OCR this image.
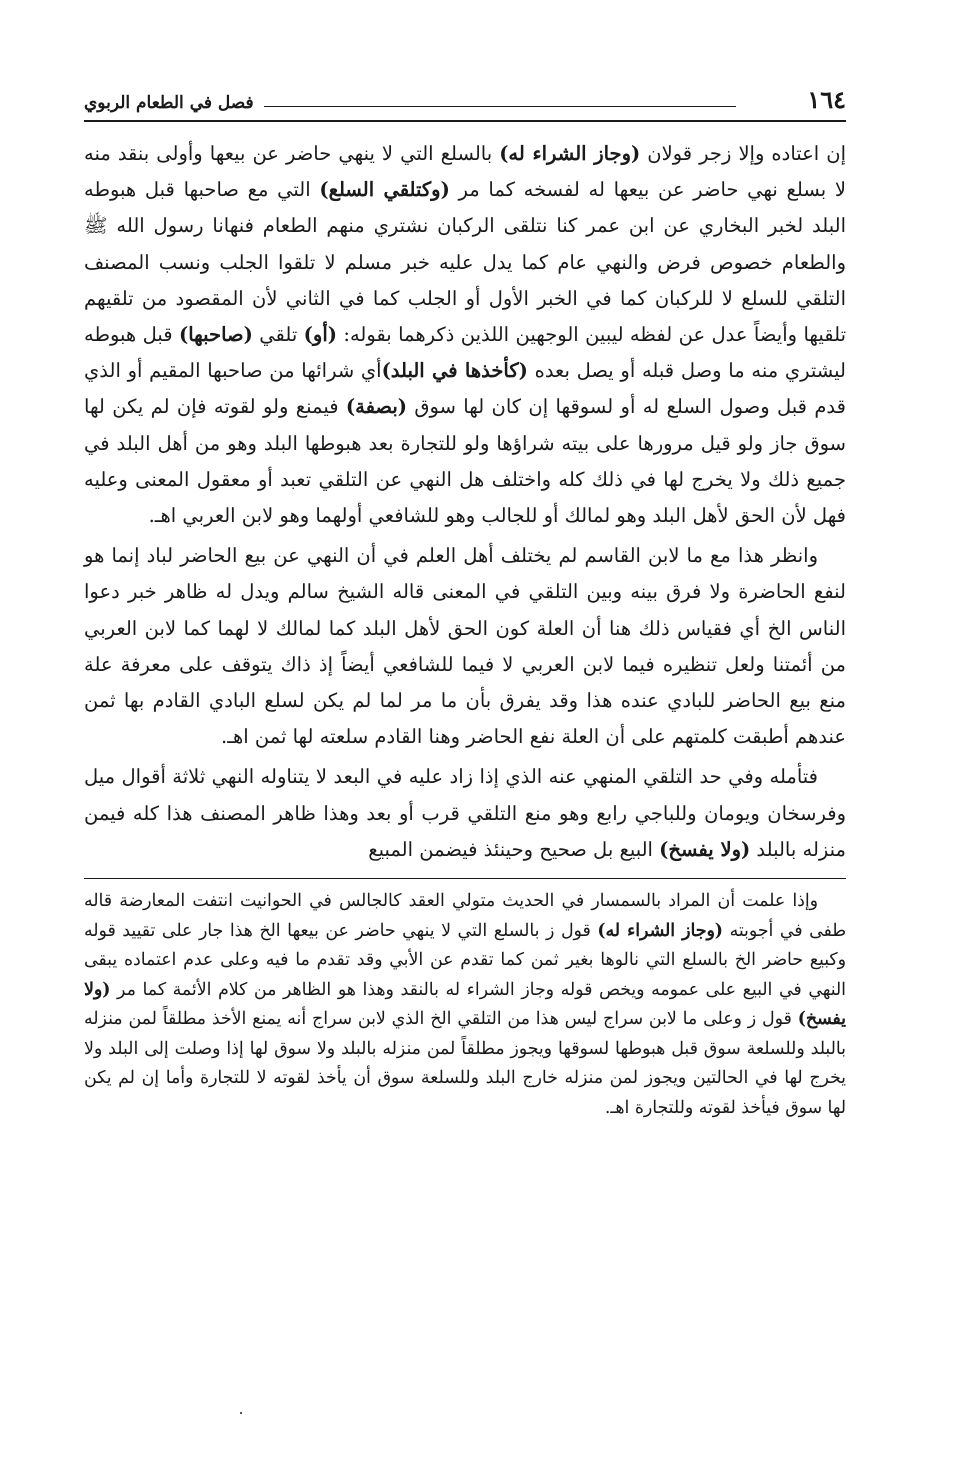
١٦٤
فصل في الطعام الربوي

إن اعتاده وإلا زجر قولان (وجاز الشراء له) بالسلع التي لا ينهي حاضر عن بيعها وأولى بنقد منه لا بسلع نهي حاضر عن بيعها له لفسخه كما مر (وكتلقي السلع) التي مع صاحبها قبل هبوطه البلد لخبر البخاري عن ابن عمر كنا نتلقى الركبان نشتري منهم الطعام فنهانا رسول الله ﷺ والطعام خصوص فرض والنهي عام كما يدل عليه خبر مسلم لا تلقوا الجلب ونسب المصنف التلقي للسلع لا للركبان كما في الخبر الأول أو الجلب كما في الثاني لأن المقصود من تلقيهم تلقيها وأيضاً عدل عن لفظه ليبين الوجهين اللذين ذكرهما بقوله: (أو) تلقي (صاحبها) قبل هبوطه ليشتري منه ما وصل قبله أو يصل بعده (كأخذها في البلد)أي شرائها من صاحبها المقيم أو الذي قدم قبل وصول السلع له أو لسوقها إن كان لها سوق (بصفة) فيمنع ولو لقوته فإن لم يكن لها سوق جاز ولو قيل مرورها على بيته شراؤها ولو للتجارة بعد هبوطها البلد وهو من أهل البلد في جميع ذلك ولا يخرج لها في ذلك كله واختلف هل النهي عن التلقي تعبد أو معقول المعنى وعليه فهل لأن الحق لأهل البلد وهو لمالك أو للجالب وهو للشافعي أولهما وهو لابن العربي اهـ.

وانظر هذا مع ما لابن القاسم لم يختلف أهل العلم في أن النهي عن بيع الحاضر لباد إنما هو لنفع الحاضرة ولا فرق بينه وبين التلقي في المعنى قاله الشيخ سالم ويدل له ظاهر خبر دعوا الناس الخ أي فقياس ذلك هنا أن العلة كون الحق لأهل البلد كما لمالك لا لهما كما لابن العربي من أئمتنا ولعل تنظيره فيما لابن العربي لا فيما للشافعي أيضاً إذ ذاك يتوقف على معرفة علة منع بيع الحاضر للبادي عنده هذا وقد يفرق بأن ما مر لما لم يكن لسلع البادي القادم بها ثمن عندهم أطبقت كلمتهم على أن العلة نفع الحاضر وهنا القادم سلعته لها ثمن اهـ.

فتأمله وفي حد التلقي المنهي عنه الذي إذا زاد عليه في البعد لا يتناوله النهي ثلاثة أقوال ميل وفرسخان ويومان وللباجي رابع وهو منع التلقي قرب أو بعد وهذا ظاهر المصنف هذا كله فيمن منزله بالبلد (ولا يفسخ) البيع بل صحيح وحينئذ فيضمن المبيع

وإذا علمت أن المراد بالسمسار في الحديث متولي العقد كالجالس في الحوانيت انتفت المعارضة قاله طفى في أجوبته (وجاز الشراء له) قول ز بالسلع التي لا ينهي حاضر عن بيعها الخ هذا جار على تقييد قوله وكبيع حاضر الخ بالسلع التي نالوها بغير ثمن كما تقدم عن الأبي وقد تقدم ما فيه وعلى عدم اعتماده يبقى النهي في البيع على عمومه ويخص قوله وجاز الشراء له بالنقد وهذا هو الظاهر من كلام الأئمة كما مر (ولا يفسخ) قول ز وعلى ما لابن سراج ليس هذا من التلقي الخ الذي لابن سراج أنه يمنع الأخذ مطلقاً لمن منزله بالبلد وللسلعة سوق قبل هبوطها لسوقها ويجوز مطلقاً لمن منزله بالبلد ولا سوق لها إذا وصلت إلى البلد ولا يخرج لها في الحالتين ويجوز لمن منزله خارج البلد وللسلعة سوق أن يأخذ لقوته لا للتجارة وأما إن لم يكن لها سوق فيأخذ لقوته وللتجارة اهـ.
